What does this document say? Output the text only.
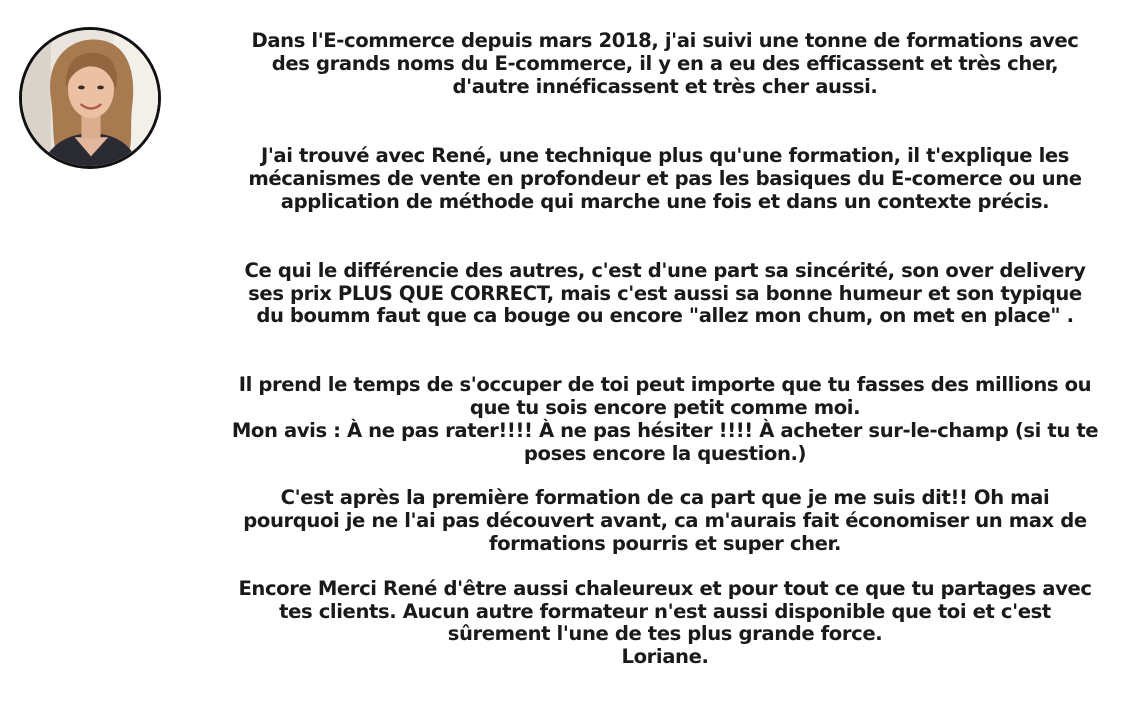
Dans l'E-commerce depuis mars 2018, j'ai suivi une tonne de formations avec
des grands noms du E-commerce, il y en a eu des efficassent et très cher,
d'autre innéficassent et très cher aussi.

J'ai trouvé avec René, une technique plus qu'une formation, il t'explique les
mécanismes de vente en profondeur et pas les basiques du E-comerce ou une
application de méthode qui marche une fois et dans un contexte précis.

Ce qui le différencie des autres, c'est d'une part sa sincérité, son over delivery
ses prix PLUS QUE CORRECT, mais c'est aussi sa bonne humeur et son typique
du boumm faut que ca bouge ou encore "allez mon chum, on met en place" .

Il prend le temps de s'occuper de toi peut importe que tu fasses des millions ou
que tu sois encore petit comme moi.
Mon avis : À ne pas rater!!!! À ne pas hésiter !!!! À acheter sur-le-champ (si tu te
poses encore la question.)

C'est après la première formation de ca part que je me suis dit!! Oh mai
pourquoi je ne l'ai pas découvert avant, ca m'aurais fait économiser un max de
formations pourris et super cher.

Encore Merci René d'être aussi chaleureux et pour tout ce que tu partages avec
tes clients. Aucun autre formateur n'est aussi disponible que toi et c'est
sûrement l'une de tes plus grande force.
Loriane.
